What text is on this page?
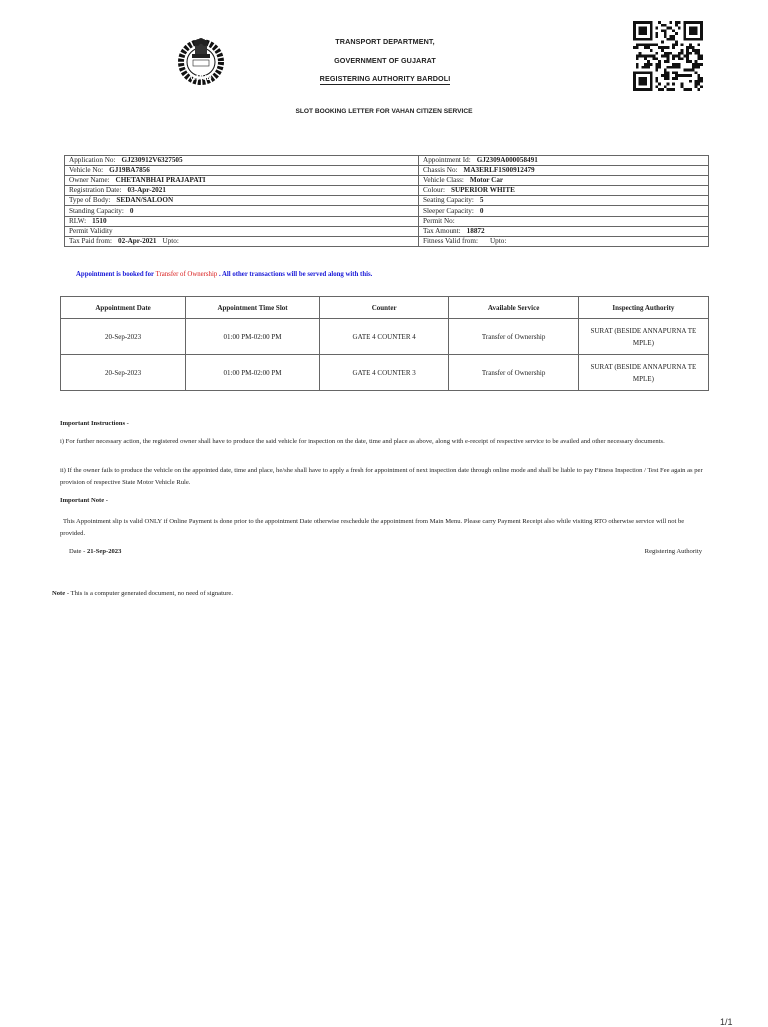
GMVD
TRANSPORT DEPARTMENT,
GOVERNMENT OF GUJARAT
REGISTERING AUTHORITY BARDOLI
SLOT BOOKING LETTER FOR VAHAN CITIZEN SERVICE
Application No: GJ230912V6327505	Appointment Id: GJ2309A000058491
Vehicle No: GJ19BA7856	Chassis No: MA3ERLF1S00912479
Owner Name: CHETANBHAI PRAJAPATI	Vehicle Class: Motor Car
Registration Date: 03-Apr-2021	Colour: SUPERIOR WHITE
Type of Body: SEDAN/SALOON	Seating Capacity: 5
Standing Capacity: 0	Sleeper Capacity: 0
RLW: 1510	Permit No:
Permit Validity	Tax Amount: 18872
Tax Paid from: 02-Apr-2021 Upto:	Fitness Valid from: Upto:
Appointment is booked for Transfer of Ownership . All other transactions will be served along with this.
Appointment Date	Appointment Time Slot	Counter	Available Service	Inspecting Authority
20-Sep-2023	01:00 PM-02:00 PM	GATE 4 COUNTER 4	Transfer of Ownership	SURAT (BESIDE ANNAPURNA TE MPLE)
20-Sep-2023	01:00 PM-02:00 PM	GATE 4 COUNTER 3	Transfer of Ownership	SURAT (BESIDE ANNAPURNA TE MPLE)
Important Instructions -
i) For further necessary action, the registered owner shall have to produce the said vehicle for inspection on the date, time and place as above, along with e-receipt of respective service to be availed and other necessary documents.
ii) If the owner fails to produce the vehicle on the appointed date, time and place, he/she shall have to apply a fresh for appointment of next inspection date through online mode and shall be liable to pay Fitness Inspection / Test Fee again as per provision of respective State Motor Vehicle Rule.
Important Note -
This Appointment slip is valid ONLY if Online Payment is done prior to the appointment Date otherwise reschedule the appointment from Main Menu. Please carry Payment Receipt also while visiting RTO otherwise service will not be provided.
Date - 21-Sep-2023	Registering Authority
Note - This is a computer generated document, no need of signature.
1/1
